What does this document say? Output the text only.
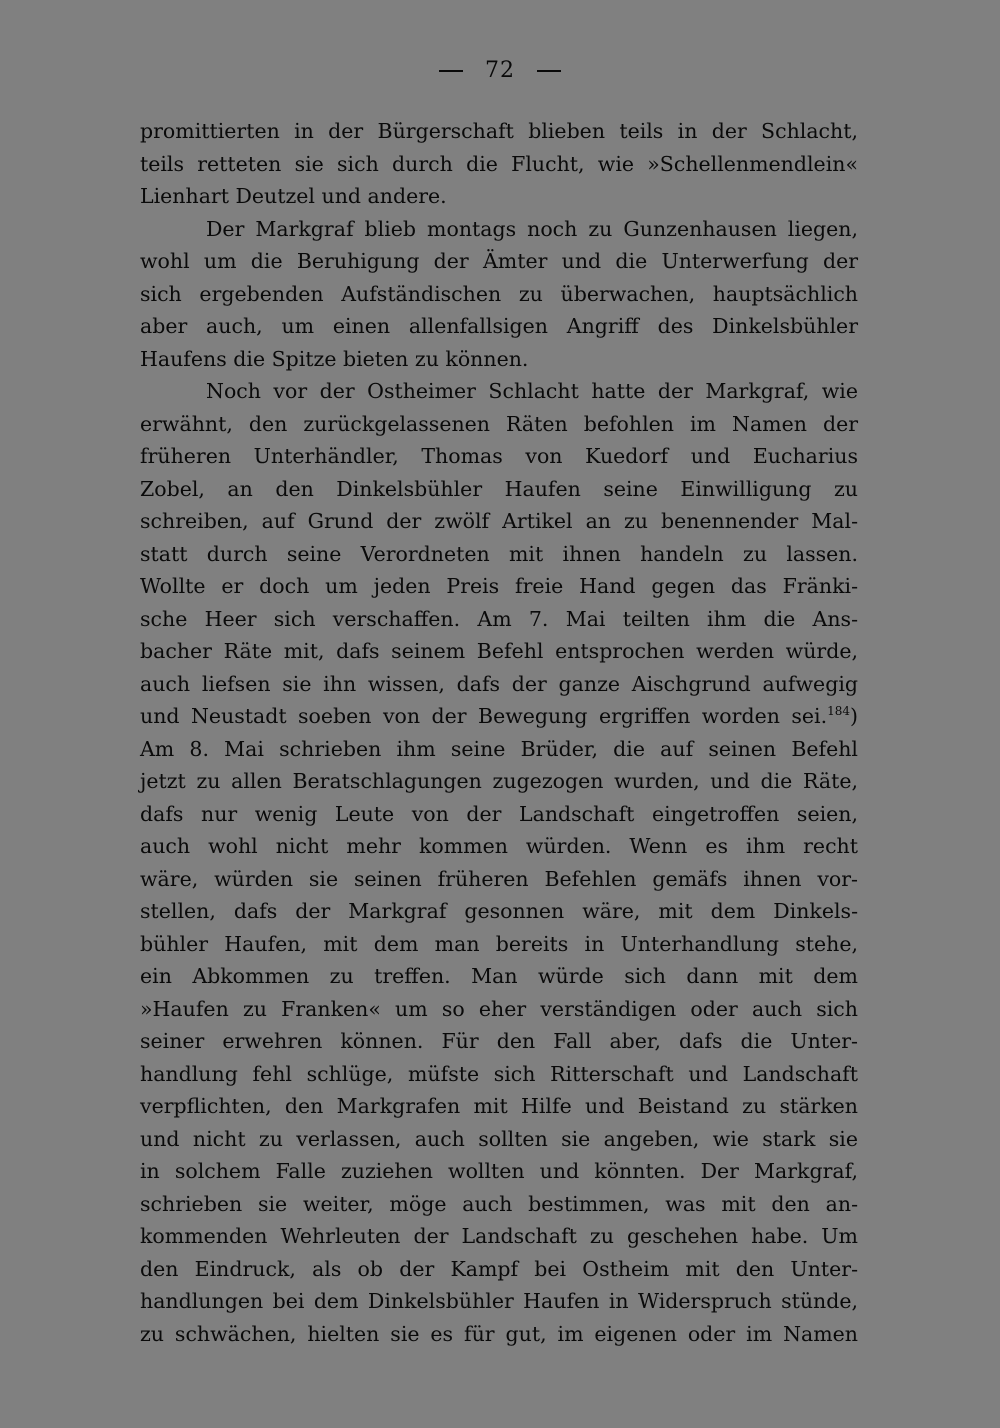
72
promittierten in der Bürgerschaft blieben teils in der Schlacht,
teils retteten sie sich durch die Flucht, wie »Schellenmendlein«
Lienhart Deutzel und andere.
Der Markgraf blieb montags noch zu Gunzenhausen liegen,
wohl um die Beruhigung der Ämter und die Unterwerfung der
sich ergebenden Aufständischen zu überwachen, hauptsächlich
aber auch, um einen allenfallsigen Angriff des Dinkelsbühler
Haufens die Spitze bieten zu können.
Noch vor der Ostheimer Schlacht hatte der Markgraf, wie
erwähnt, den zurückgelassenen Räten befohlen im Namen der
früheren Unterhändler, Thomas von Kuedorf und Eucharius
Zobel, an den Dinkelsbühler Haufen seine Einwilligung zu
schreiben, auf Grund der zwölf Artikel an zu benennender Mal-
statt durch seine Verordneten mit ihnen handeln zu lassen.
Wollte er doch um jeden Preis freie Hand gegen das Fränki-
sche Heer sich verschaffen. Am 7. Mai teilten ihm die Ans-
bacher Räte mit, dafs seinem Befehl entsprochen werden würde,
auch liefsen sie ihn wissen, dafs der ganze Aischgrund aufwegig
und Neustadt soeben von der Bewegung ergriffen worden sei.$^{184}$)
Am 8. Mai schrieben ihm seine Brüder, die auf seinen Befehl
jetzt zu allen Beratschlagungen zugezogen wurden, und die Räte,
dafs nur wenig Leute von der Landschaft eingetroffen seien,
auch wohl nicht mehr kommen würden. Wenn es ihm recht
wäre, würden sie seinen früheren Befehlen gemäfs ihnen vor-
stellen, dafs der Markgraf gesonnen wäre, mit dem Dinkels-
bühler Haufen, mit dem man bereits in Unterhandlung stehe,
ein Abkommen zu treffen. Man würde sich dann mit dem
»Haufen zu Franken« um so eher verständigen oder auch sich
seiner erwehren können. Für den Fall aber, dafs die Unter-
handlung fehl schlüge, müfste sich Ritterschaft und Landschaft
verpflichten, den Markgrafen mit Hilfe und Beistand zu stärken
und nicht zu verlassen, auch sollten sie angeben, wie stark sie
in solchem Falle zuziehen wollten und könnten. Der Markgraf,
schrieben sie weiter, möge auch bestimmen, was mit den an-
kommenden Wehrleuten der Landschaft zu geschehen habe. Um
den Eindruck, als ob der Kampf bei Ostheim mit den Unter-
handlungen bei dem Dinkelsbühler Haufen in Widerspruch stünde,
zu schwächen, hielten sie es für gut, im eigenen oder im Namen
